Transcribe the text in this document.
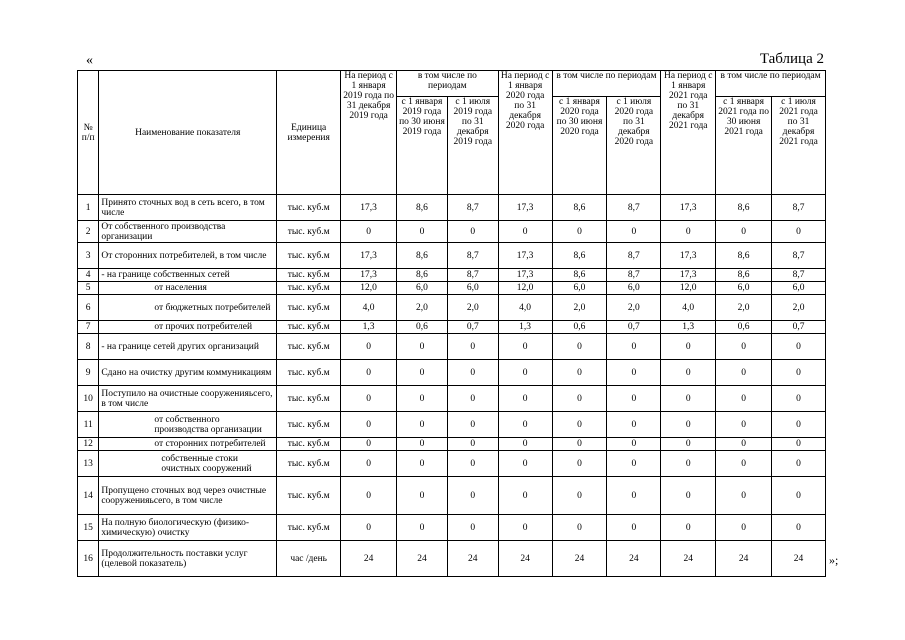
«	Таблица 2
№ п/п	Наименование показателя	Единица измерения	На период с 1 января 2019 года по 31 декабря 2019 года	в том числе по периодам		На период с 1 января 2020 года по 31 декабря 2020 года	в том числе по периодам		На период с 1 января 2021 года по 31 декабря 2021 года	в том числе по периодам	
				с 1 января 2019 года по 30 июня 2019 года	с 1 июля 2019 года по 31 декабря 2019 года		с 1 января 2020 года по 30 июня 2020 года	с 1 июля 2020 года по 31 декабря 2020 года		с 1 января 2021 года по 30 июня 2021 года	с 1 июля 2021 года по 31 декабря 2021 года
1	Принято сточных вод в сеть всего, в том числе	тыс. куб.м	17,3	8,6	8,7	17,3	8,6	8,7	17,3	8,6	8,7
2	От собственного производства организации	тыс. куб.м	0	0	0	0	0	0	0	0	0
3	От сторонних потребителей, в том числе	тыс. куб.м	17,3	8,6	8,7	17,3	8,6	8,7	17,3	8,6	8,7
4	- на границе собственных сетей	тыс. куб.м	17,3	8,6	8,7	17,3	8,6	8,7	17,3	8,6	8,7
5	от населения	тыс. куб.м	12,0	6,0	6,0	12,0	6,0	6,0	12,0	6,0	6,0
6	от бюджетных потребителей	тыс. куб.м	4,0	2,0	2,0	4,0	2,0	2,0	4,0	2,0	2,0
7	от прочих потребителей	тыс. куб.м	1,3	0,6	0,7	1,3	0,6	0,7	1,3	0,6	0,7
8	- на границе сетей других организаций	тыс. куб.м	0	0	0	0	0	0	0	0	0
9	Сдано на очистку другим коммуникациям	тыс. куб.м	0	0	0	0	0	0	0	0	0
10	Поступило на очистные сооруженияьсего, в том числе	тыс. куб.м	0	0	0	0	0	0	0	0	0
11	от собственного производства организации	тыс. куб.м	0	0	0	0	0	0	0	0	0
12	от сторонних потребителей	тыс. куб.м	0	0	0	0	0	0	0	0	0
13	собственные стоки очистных сооружений	тыс. куб.м	0	0	0	0	0	0	0	0	0
14	Пропущено сточных вод через очистные сооруженияьсего, в том числе	тыс. куб.м	0	0	0	0	0	0	0	0	0
15	На полную биологическую (физико-химическую) очистку	тыс. куб.м	0	0	0	0	0	0	0	0	0
16	Продолжительность поставки услуг (целевой показатель)	час /день	24	24	24	24	24	24	24	24	24 »;
